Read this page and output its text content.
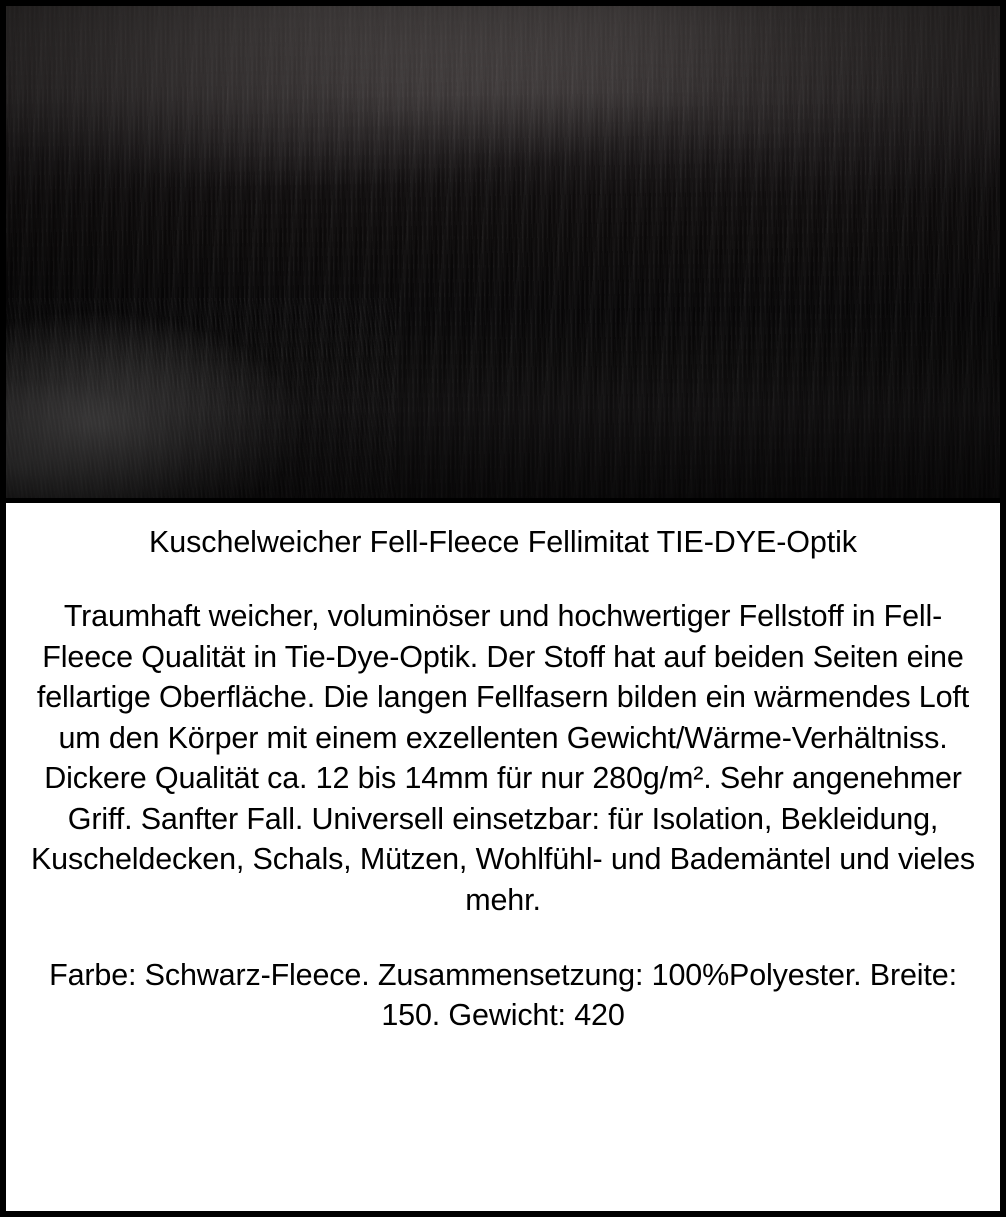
Kuschelweicher Fell-Fleece Fellimitat TIE-DYE-Optik

Traumhaft weicher, voluminöser und hochwertiger Fellstoff in Fell-Fleece Qualität in Tie-Dye-Optik. Der Stoff hat auf beiden Seiten eine fellartige Oberfläche. Die langen Fellfasern bilden ein wärmendes Loft um den Körper mit einem exzellenten Gewicht/Wärme-Verhältniss. Dickere Qualität ca. 12 bis 14mm für nur 280g/m². Sehr angenehmer Griff. Sanfter Fall. Universell einsetzbar: für Isolation, Bekleidung, Kuscheldecken, Schals, Mützen, Wohlfühl- und Bademäntel und vieles mehr.

Farbe: Schwarz-Fleece. Zusammensetzung: 100%Polyester. Breite: 150. Gewicht: 420
